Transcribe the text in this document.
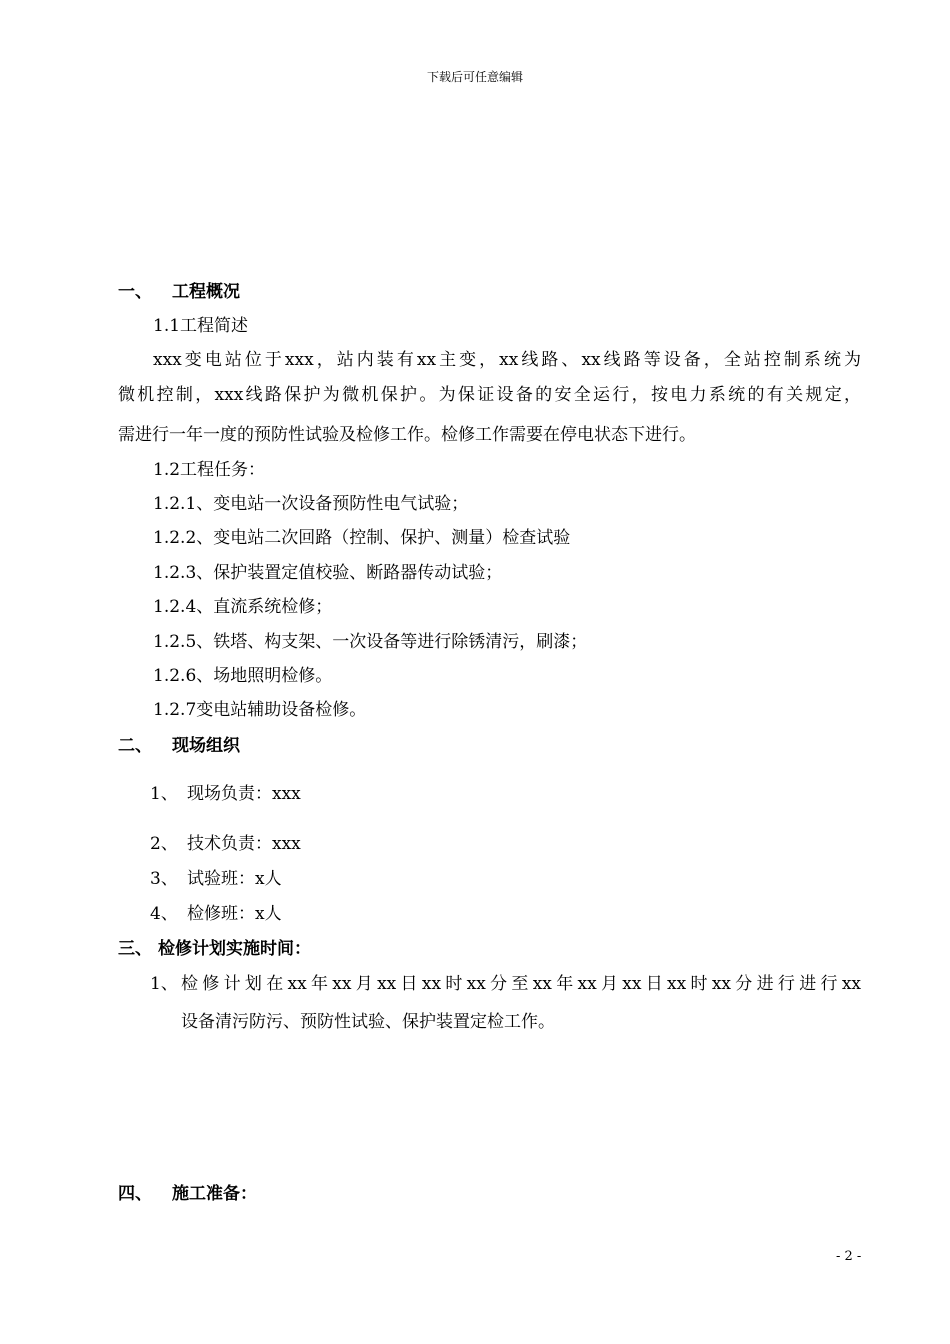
下载后可任意编辑
一、 工程概况
1.1工程简述
xxx变电站位于xxx，站内装有xx主变，xx线路、xx线路等设备，全站控制系统为
微机控制，xxx线路保护为微机保护。为保证设备的安全运行，按电力系统的有关规定，
需进行一年一度的预防性试验及检修工作。检修工作需要在停电状态下进行。
1.2工程任务：
1.2.1、变电站一次设备预防性电气试验；
1.2.2、变电站二次回路（控制、保护、测量）检查试验
1.2.3、保护装置定值校验、断路器传动试验；
1.2.4、直流系统检修；
1.2.5、铁塔、构支架、一次设备等进行除锈清污，刷漆；
1.2.6、场地照明检修。
1.2.7变电站辅助设备检修。
二、 现场组织
1、 现场负责：xxx
2、 技术负责：xxx
3、 试验班：x人
4、 检修班：x人
三、 检修计划实施时间：
1、 检修计划在xx年xx月xx日xx时xx分至xx年xx月xx日xx时xx分进行进行xx
设备清污防污、预防性试验、保护装置定检工作。
四、 施工准备：
- 2 -
